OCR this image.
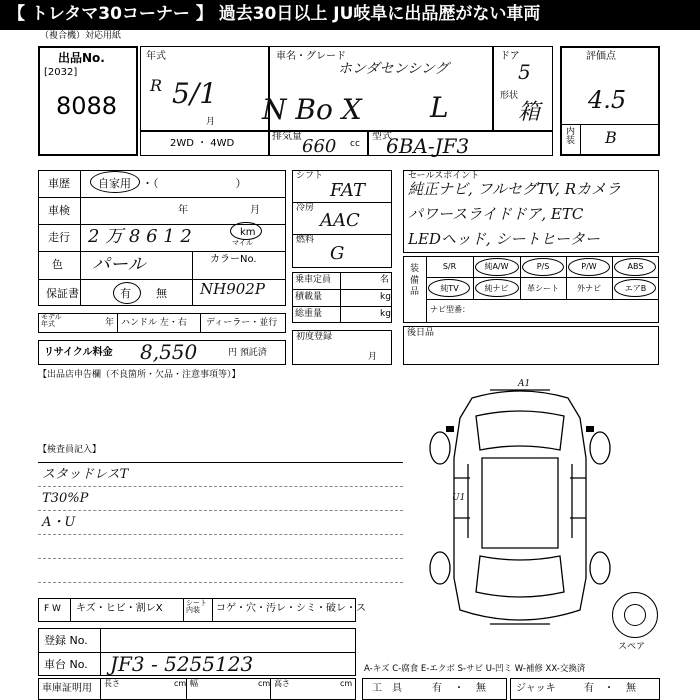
【 トレタマ30コーナー 】 過去30日以上 JU岐阜に出品歴がない車両
（複合機）対応用紙
出品No.
[2032]
8088
年式
R 5/1
月
車名・グレード
ホンダセンシング
N Bo X L
ドア
5
形状
箱
評価点
4.5
内装 B
2WD ・ 4WD
排気量 660 cc
型式
6BA-JF3
車歴	自家用 ・（　　　　　　　）
車検	年	月
走行 2 万 8 6 1 2	km
マイル
色 パール	カラーNo.
NH902P
保証書	有 無
モデル
年式	年 ハンドル 左・右 ディーラー・並行
リサイクル料金 8,550	円 預託済
【出品店申告欄（不良箇所・欠品・注意事項等）】
シフト
FAT
冷房
AAC
燃料
G
乗車定員	名
積載量	kg
総重量	kg
初度登録
月
セールスポイント
純正ナビ, フルセグTV, Rカメラ
パワースライドドア, ETC
LEDヘッド, シートヒーター
装備品
S/R	純A/W	P/S	P/W	ABS
純TV	純ナビ	革シート	外ナビ	エアB
ナビ型番：
後日品
【検査員記入】
スタッドレスT
T30%P
A・U
F W キズ・ヒビ・割レX	シート
内装	コゲ・穴・汚レ・シミ・破レ・ス
登録 No.
車台 No. JF3 - 5255123
車庫証明用 長さ	cm 幅	cm 高さ	cm
A-キズ C-腐食 E-エクボ S-サビ U-凹ミ W-補修 XX-交換済
工　具	有 ・ 無	ジャッキ	有 ・ 無
A1
U1
スペア
